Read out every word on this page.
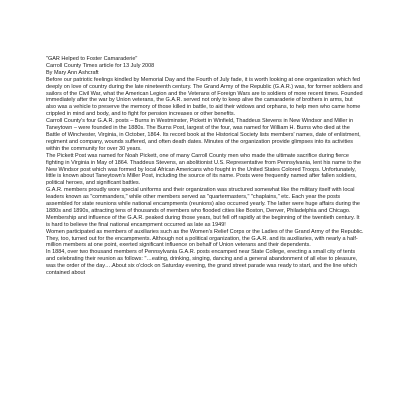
"GAR Helped to Foster Camaraderie"
Carroll County Times article for 13 July 2008
By Mary Ann Ashcraft

Before our patriotic feelings kindled by Memorial Day and the Fourth of July fade, it is worth looking at one organization which fed deeply on love of country during the late nineteenth century. The Grand Army of the Republic (G.A.R.) was, for former soldiers and sailors of the Civil War, what the American Legion and the Veterans of Foreign Wars are to soldiers of more recent times. Founded immediately after the war by Union veterans, the G.A.R. served not only to keep alive the camaraderie of brothers in arms, but also was a vehicle to preserve the memory of those killed in battle, to aid their widows and orphans, to help men who came home crippled in mind and body, and to fight for pension increases or other benefits.

Carroll County's four G.A.R. posts – Burns in Westminster, Pickett in Winfield, Thaddeus Stevens in New Windsor and Miller in Taneytown – were founded in the 1880s. The Burns Post, largest of the four, was named for William H. Burns who died at the Battle of Winchester, Virginia, in October, 1864. Its record book at the Historical Society lists members' names, date of enlistment, regiment and company, wounds suffered, and often death dates. Minutes of the organization provide glimpses into its activities within the community for over 30 years.

The Pickett Post was named for Noah Pickett, one of many Carroll County men who made the ultimate sacrifice during fierce fighting in Virginia in May of 1864. Thaddeus Stevens, an abolitionist U.S. Representative from Pennsylvania, lent his name to the New Windsor post which was formed by local African Americans who fought in the United States Colored Troops. Unfortunately, little is known about Taneytown's Miller Post, including the source of its name. Posts were frequently named after fallen soldiers, political heroes, and significant battles.

G.A.R. members proudly wore special uniforms and their organization was structured somewhat like the military itself with local leaders known as "commanders," while other members served as "quartermasters," "chaplains," etc. Each year the posts assembled for state reunions while national encampments (reunions) also occurred yearly. The latter were huge affairs during the 1880s and 1890s, attracting tens of thousands of members who flooded cities like Boston, Denver, Philadelphia and Chicago. Membership and influence of the G.A.R. peaked during those years, but fell off rapidly at the beginning of the twentieth century. It is hard to believe the final national encampment occurred as late as 1949!

Women participated as members of auxiliaries such as the Women's Relief Corps or the Ladies of the Grand Army of the Republic. They, too, turned out for the encampments. Although not a political organization, the G.A.R. and its auxiliaries, with nearly a half-million members at one point, exerted significant influence on behalf of Union veterans and their dependents.

In 1884, over two thousand members of Pennsylvania G.A.R. posts encamped near State College, erecting a small city of tents and celebrating their reunion as follows: "…eating, drinking, singing, dancing and a general abandonment of all else to pleasure, was the order of the day….About six o'clock on Saturday evening, the grand street parade was ready to start, and the line which contained about
